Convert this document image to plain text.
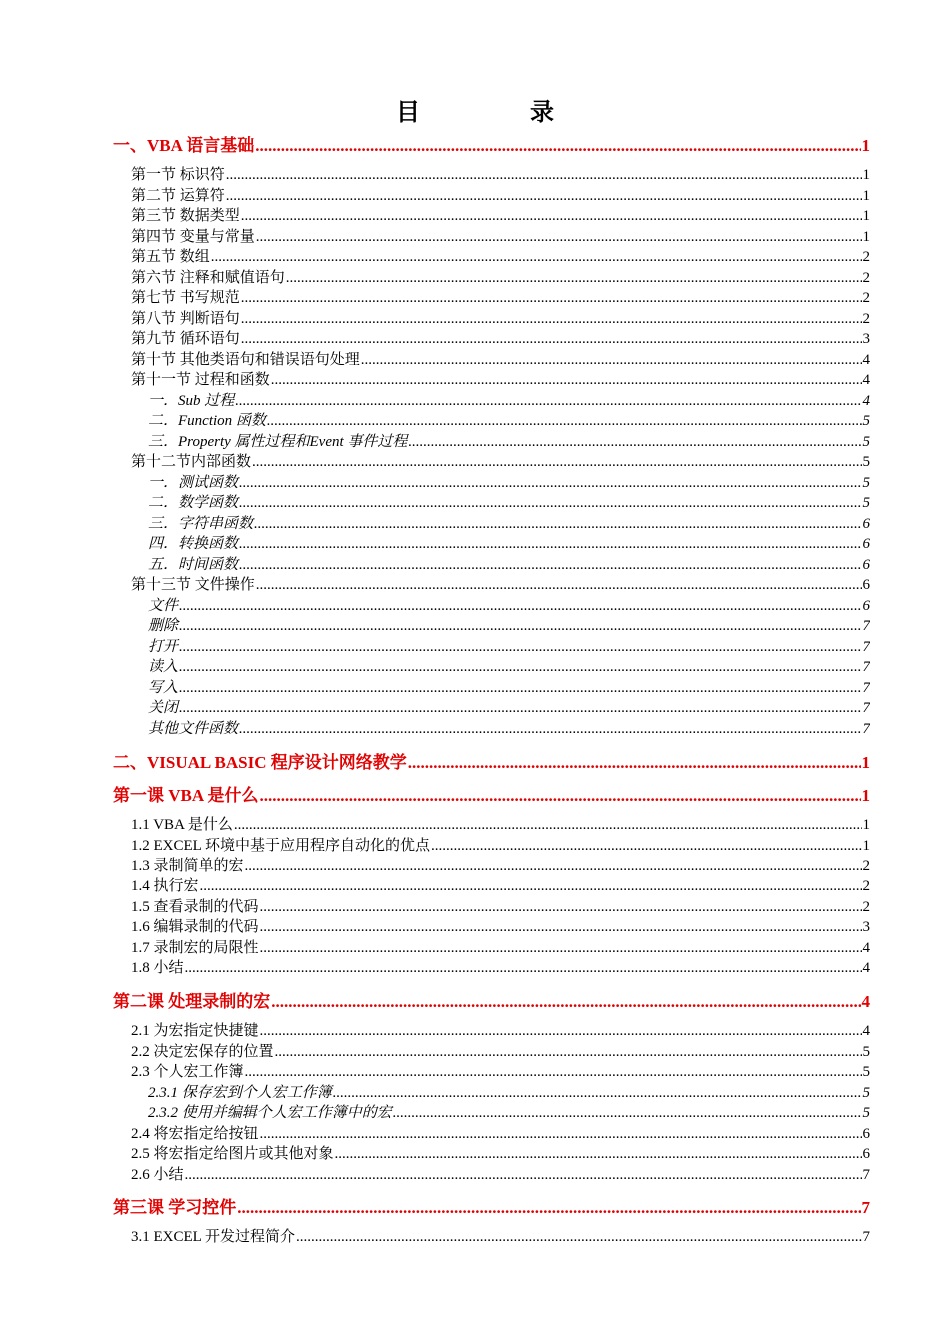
目	录
一、VBA 语言基础 .....	1
第一节 标识符 .....	1
第二节 运算符 .....	1
第三节 数据类型 .....	1
第四节 变量与常量 .....	1
第五节 数组 .....	2
第六节 注释和赋值语句 .....	2
第七节 书写规范 .....	2
第八节 判断语句 .....	2
第九节 循环语句 .....	3
第十节 其他类语句和错误语句处理 .....	4
第十一节 过程和函数 .....	4
一．Sub 过程 .....	4
二．Function 函数 .....	5
三．Property 属性过程和Event 事件过程 .....	5
第十二节内部函数 .....	5
一．测试函数 .....	5
二．数学函数 .....	5
三．字符串函数 .....	6
四．转换函数 .....	6
五．时间函数 .....	6
第十三节 文件操作 .....	6
文件 .....	6
删除 .....	7
打开 .....	7
读入 .....	7
写入 .....	7
关闭 .....	7
其他文件函数 .....	7
二、VISUAL BASIC 程序设计网络教学 .....	1
第一课 VBA 是什么 .....	1
1.1 VBA 是什么 .....	1
1.2 EXCEL 环境中基于应用程序自动化的优点 .....	1
1.3 录制简单的宏 .....	2
1.4 执行宏 .....	2
1.5 查看录制的代码 .....	2
1.6 编辑录制的代码 .....	3
1.7 录制宏的局限性 .....	4
1.8 小结 .....	4
第二课 处理录制的宏 .....	4
2.1 为宏指定快捷键 .....	4
2.2 决定宏保存的位置 .....	5
2.3 个人宏工作簿 .....	5
2.3.1 保存宏到个人宏工作簿 .....	5
2.3.2 使用并编辑个人宏工作簿中的宏 .....	5
2.4 将宏指定给按钮 .....	6
2.5 将宏指定给图片或其他对象 .....	6
2.6 小结 .....	7
第三课 学习控件 .....	7
3.1 EXCEL 开发过程简介 .....	7
